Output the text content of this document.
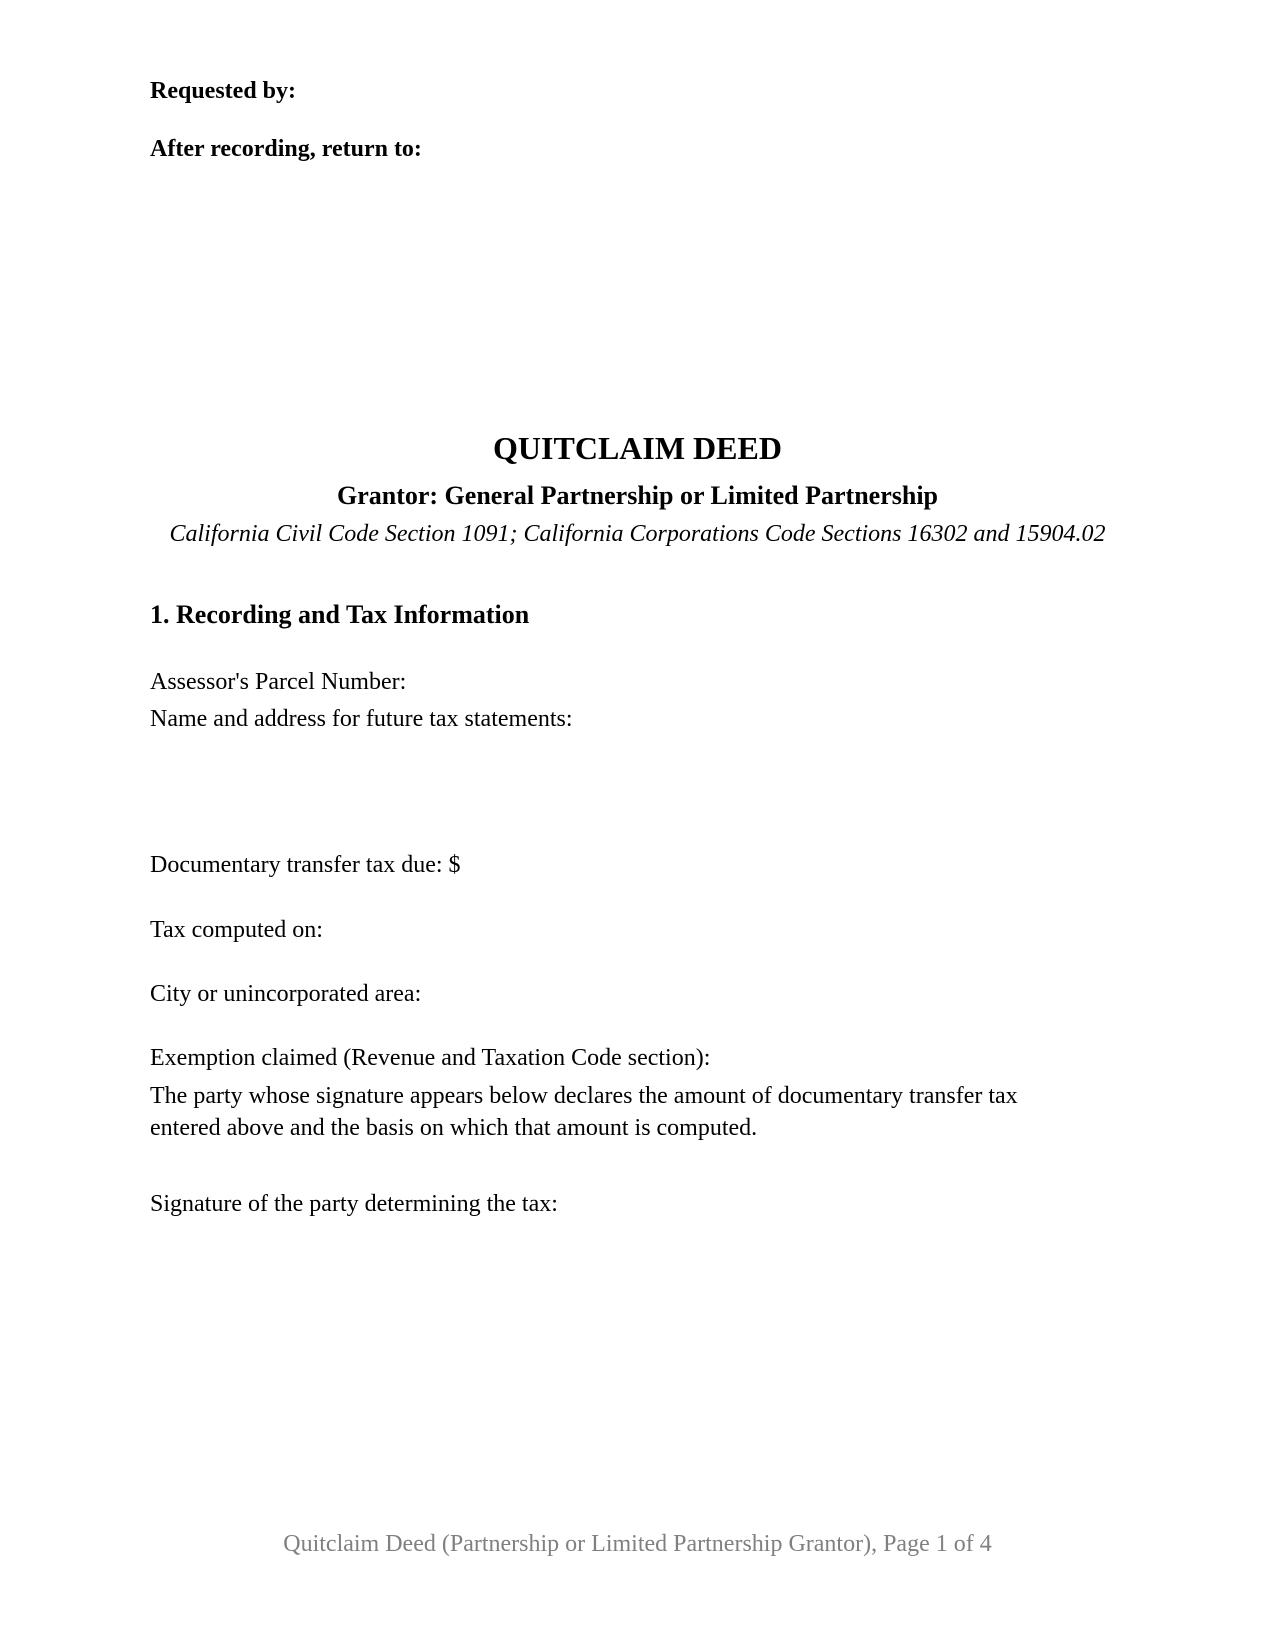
Requested by:

After recording, return to:

QUITCLAIM DEED
Grantor: General Partnership or Limited Partnership

California Civil Code Section 1091; California Corporations Code Sections 16302 and 15904.02

1. Recording and Tax Information

Assessor's Parcel Number:

Name and address for future tax statements:

Documentary transfer tax due: $

Tax computed on:

City or unincorporated area:

Exemption claimed (Revenue and Taxation Code section):

The party whose signature appears below declares the amount of documentary transfer tax entered above and the basis on which that amount is computed.

Signature of the party determining the tax:

Quitclaim Deed (Partnership or Limited Partnership Grantor), Page 1 of 4
